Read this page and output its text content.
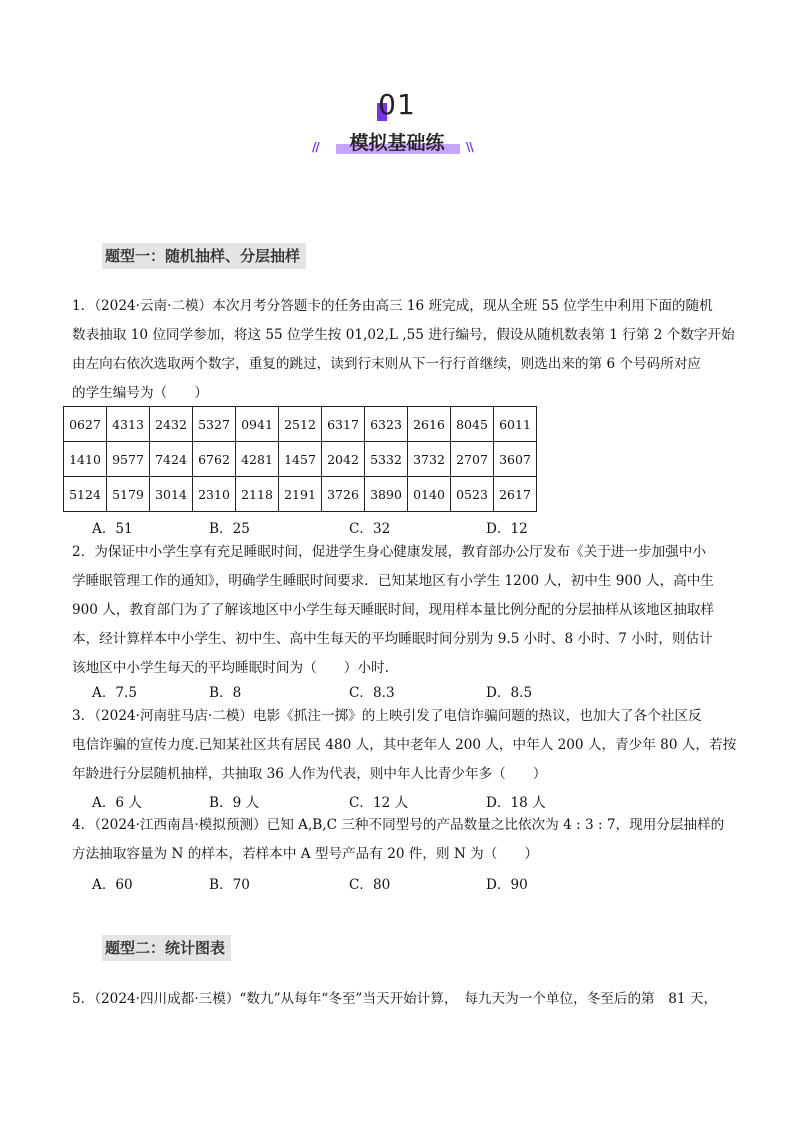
01
//	模拟基础练	\\
题型一：随机抽样、分层抽样

1．（2024·云南·二模）本次月考分答题卡的任务由高三 16 班完成，现从全班 55 位学生中利用下面的随机

数表抽取 10 位同学参加，将这 55 位学生按 01,02,L ,55 进行编号，假设从随机数表第 1 行第 2 个数字开始

由左向右依次选取两个数字，重复的跳过，读到行末则从下一行行首继续，则选出来的第 6 个号码所对应

的学生编号为（　　）

0627	4313	2432	5327	0941	2512	6317	6323	2616	8045	6011
1410	9577	7424	6762	4281	1457	2042	5332	3732	2707	3607
5124	5179	3014	2310	2118	2191	3726	3890	0140	0523	2617
A．51	B．25	C．32	D．12

2．为保证中小学生享有充足睡眠时间，促进学生身心健康发展，教育部办公厅发布《关于进一步加强中小

学睡眠管理工作的通知》，明确学生睡眠时间要求．已知某地区有小学生 1200 人，初中生 900 人，高中生

900 人，教育部门为了了解该地区中小学生每天睡眠时间，现用样本量比例分配的分层抽样从该地区抽取样

本，经计算样本中小学生、初中生、高中生每天的平均睡眠时间分别为 9.5 小时、8 小时、7 小时，则估计

该地区中小学生每天的平均睡眠时间为（　　）小时.

A．7.5	B．8	C．8.3	D．8.5

3．（2024·河南驻马店·二模）电影《抓注一掷》的上映引发了电信诈骗问题的热议，也加大了各个社区反

电信诈骗的宣传力度.已知某社区共有居民 480 人，其中老年人 200 人，中年人 200 人，青少年 80 人，若按

年龄进行分层随机抽样，共抽取 36 人作为代表，则中年人比青少年多（　　）

A．6 人	B．9 人	C．12 人	D．18 人

4．（2024·江西南昌·模拟预测）已知 A,B,C 三种不同型号的产品数量之比依次为 4 : 3 : 7，现用分层抽样的

方法抽取容量为 N 的样本，若样本中 A 型号产品有 20 件，则 N 为（　　）

A．60	B．70	C．80	D．90
题型二：统计图表

5．（2024·四川成都·三模）“数九”从每年“冬至”当天开始计算，　每九天为一个单位，冬至后的第　81 天，
